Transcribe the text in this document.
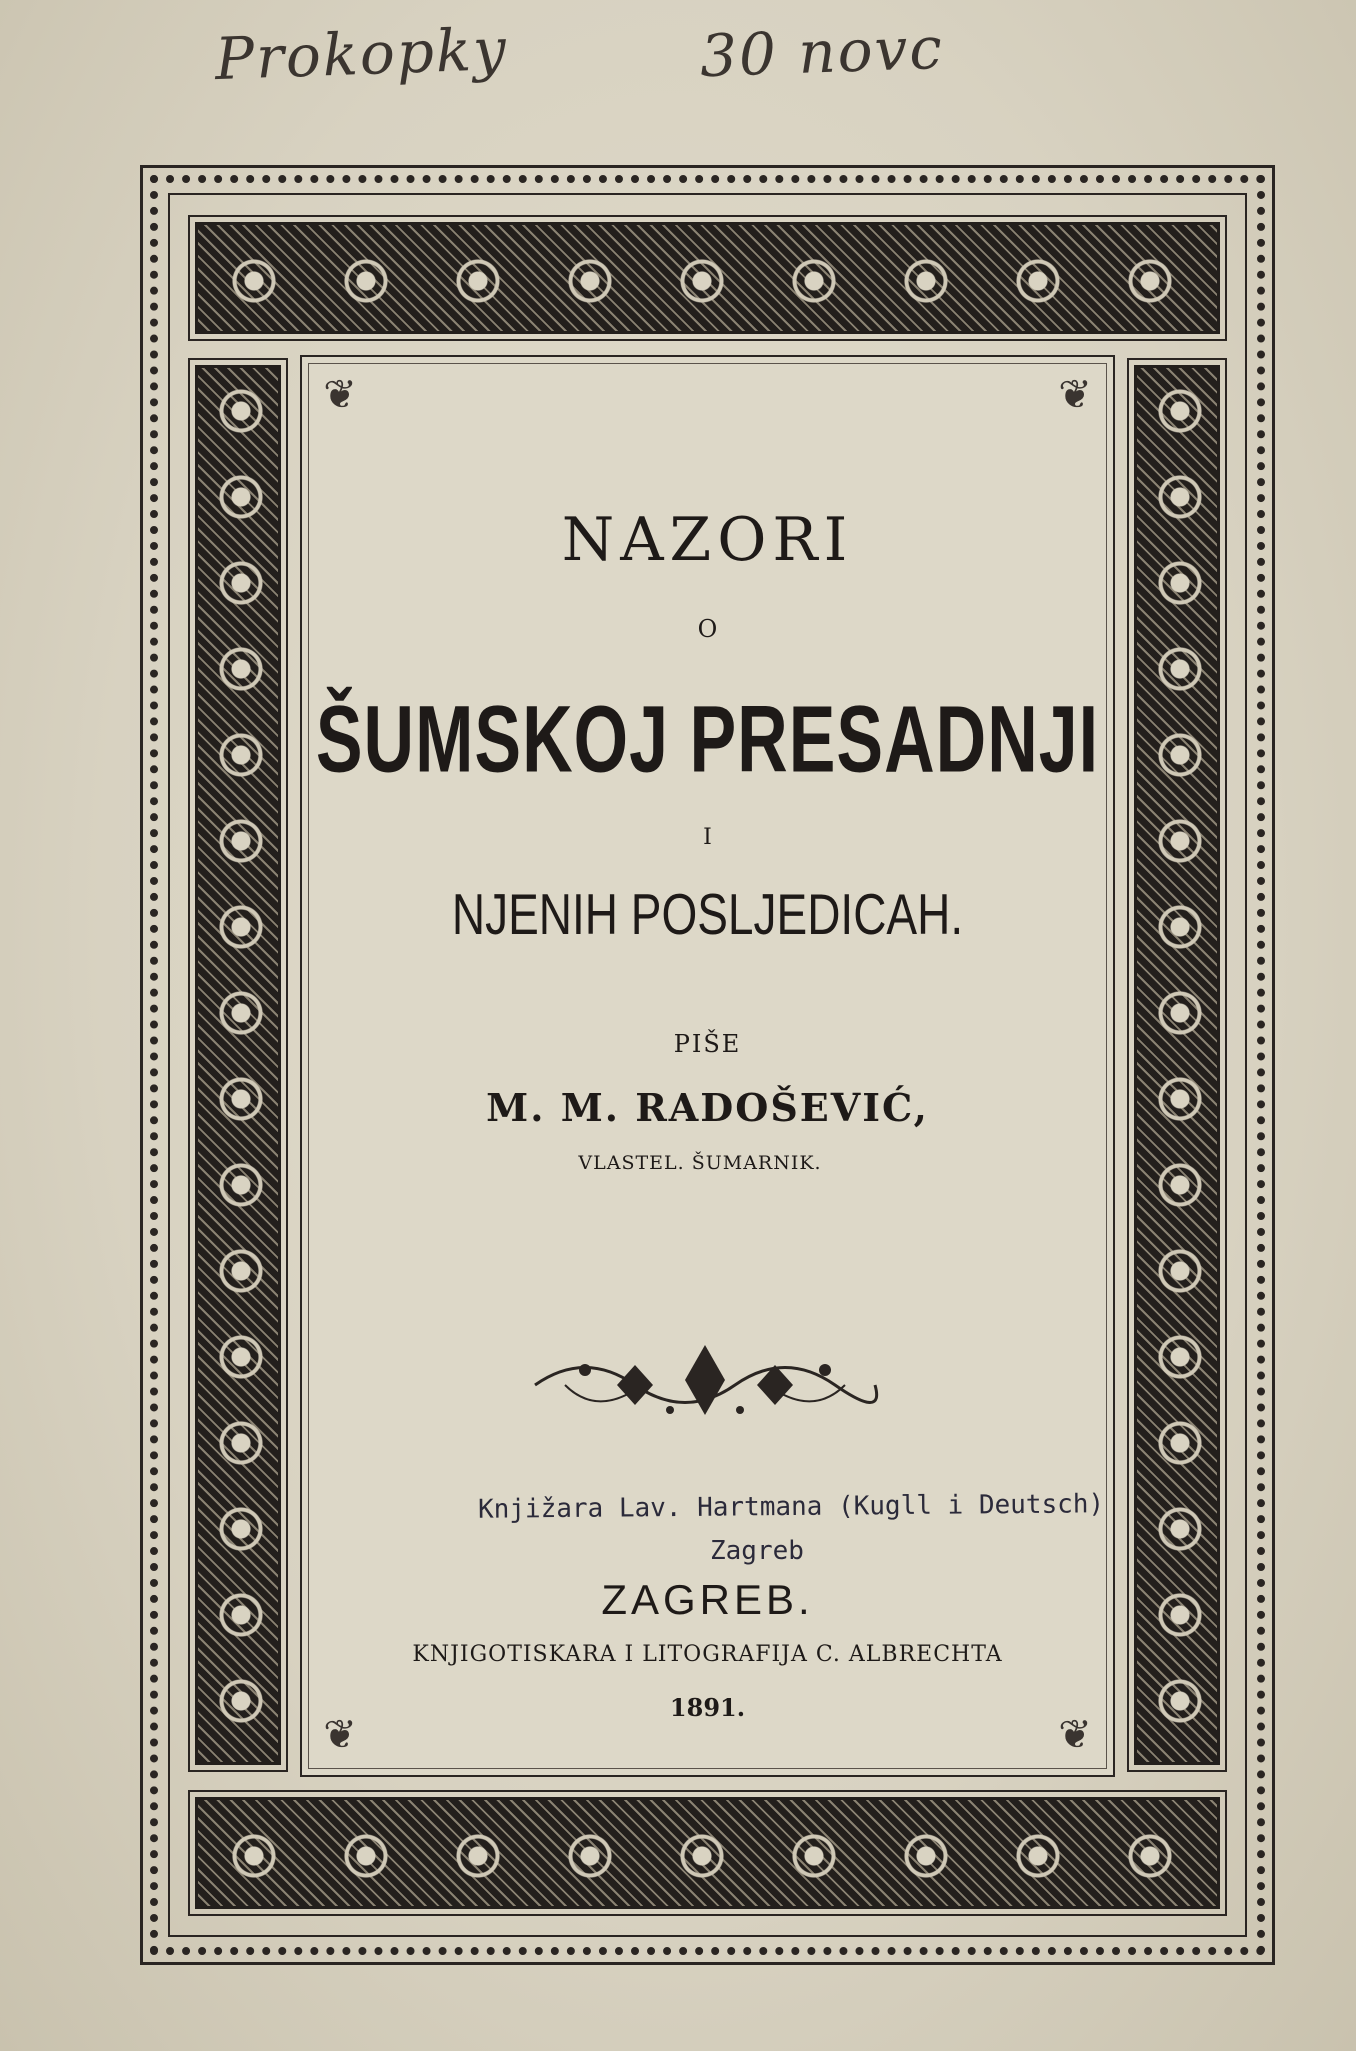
Prokopky	30 novc
❦	❦
❦	❦
NAZORI
O
ŠUMSKOJ PRESADNJI
I
NJENIH POSLJEDICAH.
PIŠE
M. M. RADOŠEVIĆ,
VLASTEL. ŠUMARNIK.
Knjižara Lav. Hartmana (Kugll i Deutsch)
Zagreb
ZAGREB.
KNJIGOTISKARA I LITOGRAFIJA C. ALBRECHTA
1891.
